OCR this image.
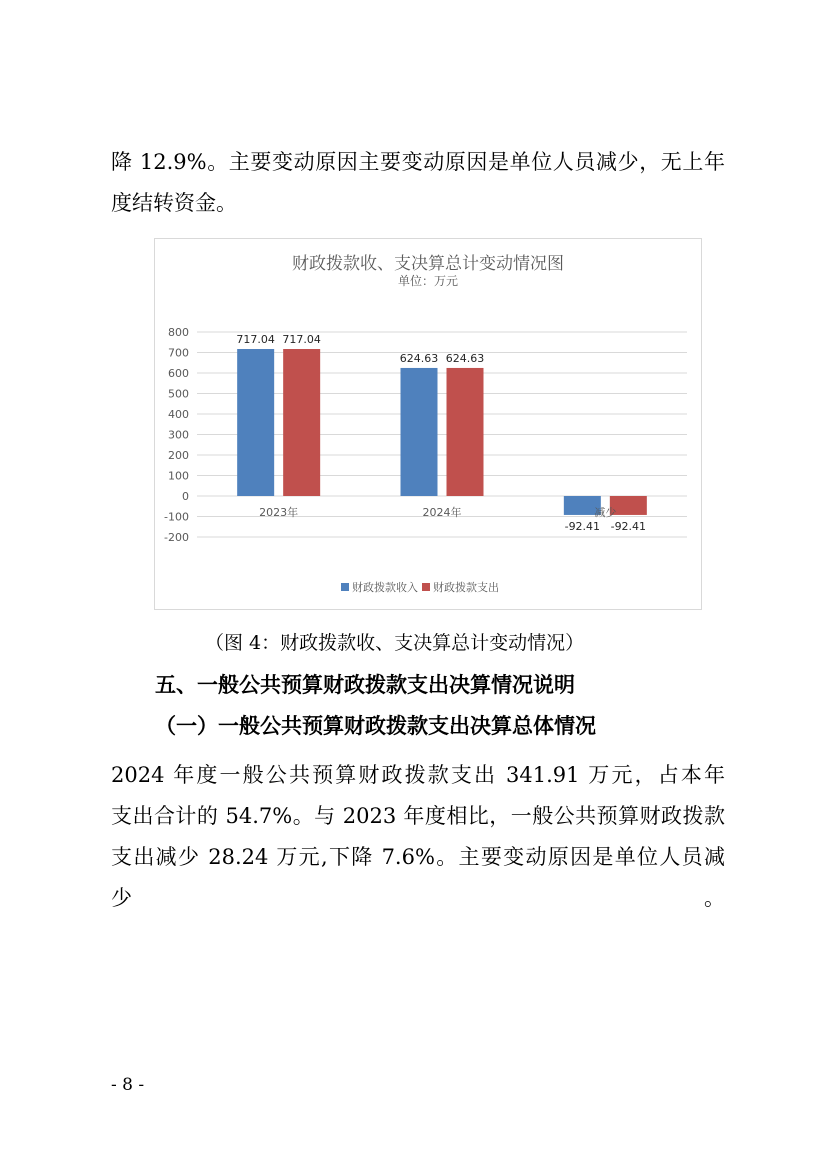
降 12.9%。主要变动原因主要变动原因是单位人员减少，无上年

度结转资金。

财政拨款收、支决算总计变动情况图
单位：万元
800
700
600
500
400
300
200
100
0
-100
-200
717.04 717.04
2023年
624.63 624.63
2024年
-92.41 -92.41
减少
财政拨款收入 财政拨款支出
（图 4：财政拨款收、支决算总计变动情况）
五、一般公共预算财政拨款支出决算情况说明
（一）一般公共预算财政拨款支出决算总体情况

2024 年度一般公共预算财政拨款支出 341.91 万元，占本年

支出合计的 54.7%。与 2023 年度相比，一般公共预算财政拨款

支出减少 28.24 万元,下降 7.6%。主要变动原因是单位人员减少。

- 8 -
